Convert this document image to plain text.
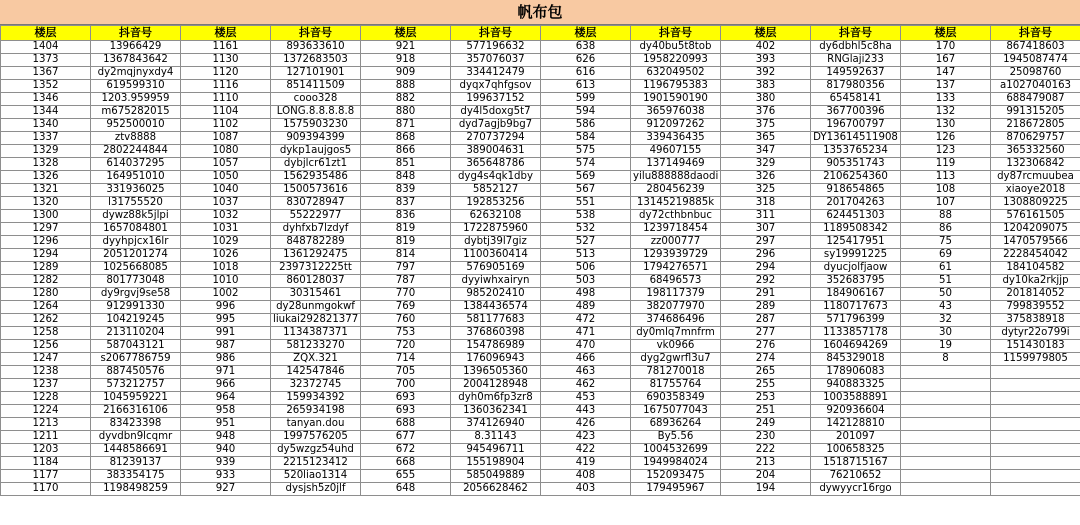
帆布包
楼层	抖音号	楼层	抖音号	楼层	抖音号	楼层	抖音号	楼层	抖音号	楼层	抖音号
1404	13966429	1161	893633610	921	577196632	638	dy40bu5t8tob	402	dy6dbhl5c8ha	170	867418603
1373	1367843642	1130	1372683503	918	357076037	626	1958220993	393	RNGlaji233	167	1945087474
1367	dy2mqjnyxdy4	1120	127101901	909	334412479	616	632049502	392	149592637	147	25098760
1352	619599310	1116	851411509	888	dyqx7qhfgsov	613	1196795383	383	817980356	137	a1027040163
1346	1203.959959	1110	cooo328	882	199637152	599	1901590190	380	65458141	133	688479087
1344	m675282015	1104	LONG.8.8.8.8.8	880	dy4l5doxg5t7	594	365976038	376	367700396	132	991315205
1340	952500010	1102	1575903230	871	dyd7agjb9bg7	586	912097262	375	196700797	130	218672805
1337	ztv8888	1087	909394399	868	270737294	584	339436435	365	DY13614511908	126	870629757
1329	2802244844	1080	dykp1aujgos5	866	389004631	575	49607155	347	1353765234	123	365332560
1328	614037295	1057	dybjlcr61zt1	851	365648786	574	137149469	329	905351743	119	132306842
1326	164951010	1050	1562935486	848	dyg4s4qk1dby	569	yilu888888daodi	326	2106254360	113	dy87rcmuubea
1321	331936025	1040	1500573616	839	5852127	567	280456239	325	918654865	108	xiaoye2018
1320	l31755520	1037	830728947	837	192853256	551	13145219885k	318	201704263	107	1308809225
1300	dywz88k5jlpi	1032	55222977	836	62632108	538	dy72cthbnbuc	311	624451303	88	576161505
1297	1657084801	1031	dyhfxb7lzdyf	819	1722875960	532	1239718454	307	1189508342	86	1204209075
1296	dyyhpjcx16lr	1029	848782289	819	dybtj39l7giz	527	zz000777	297	125417951	75	1470579566
1294	2051201274	1026	1361292475	814	1100360414	513	1293939729	296	sy19991225	69	2228454042
1289	1025668085	1018	2397312225tt	797	576905169	506	1794276571	294	dyucjolfjaow	61	184104582
1282	801773048	1010	860128037	787	dyyiwhxairyn	503	68496573	292	352683795	51	dy10ka2rkjjp
1280	dy9rgvj9se58	1002	30315461	770	985202410	498	198117379	291	184906167	50	201814052
1264	912991330	996	dy28unmgokwf	769	1384436574	489	382077970	289	1180717673	43	799839552
1262	104219245	995	liukai292821377	760	581177683	472	374686496	287	571796399	32	375838918
1258	213110204	991	1134387371	753	376860398	471	dy0mlq7mnfrm	277	1133857178	30	dytyr22o799i
1256	587043121	987	581233270	720	154786989	470	vk0966	276	1604694269	19	151430183
1247	s2067786759	986	ZQX.321	714	176096943	466	dyg2gwrfl3u7	274	845329018	8	1159979805
1238	887450576	971	142547846	705	1396505360	463	781270018	265	178906083		
1237	573212757	966	32372745	700	2004128948	462	81755764	255	940883325		
1228	1045959221	964	159934392	693	dyh0m6fp3zr8	453	690358349	253	1003588891		
1224	2166316106	958	265934198	693	1360362341	443	1675077043	251	920936604		
1213	83423398	951	tanyan.dou	688	374126940	426	68936264	249	142128810		
1211	dyvdbn9lcqmr	948	1997576205	677	8.31143	423	By5.56	230	201097		
1203	1448586691	940	dy5wzgz54uhd	672	945496711	422	1004532699	222	100658325		
1184	81239137	939	2215123412	668	155198904	419	1949984024	213	1518715167		
1177	383354175	933	520liao1314	655	585049889	408	152093475	204	76210652		
1170	1198498259	927	dysjsh5z0jlf	648	2056628462	403	179495967	194	dywyycr16rgo		
